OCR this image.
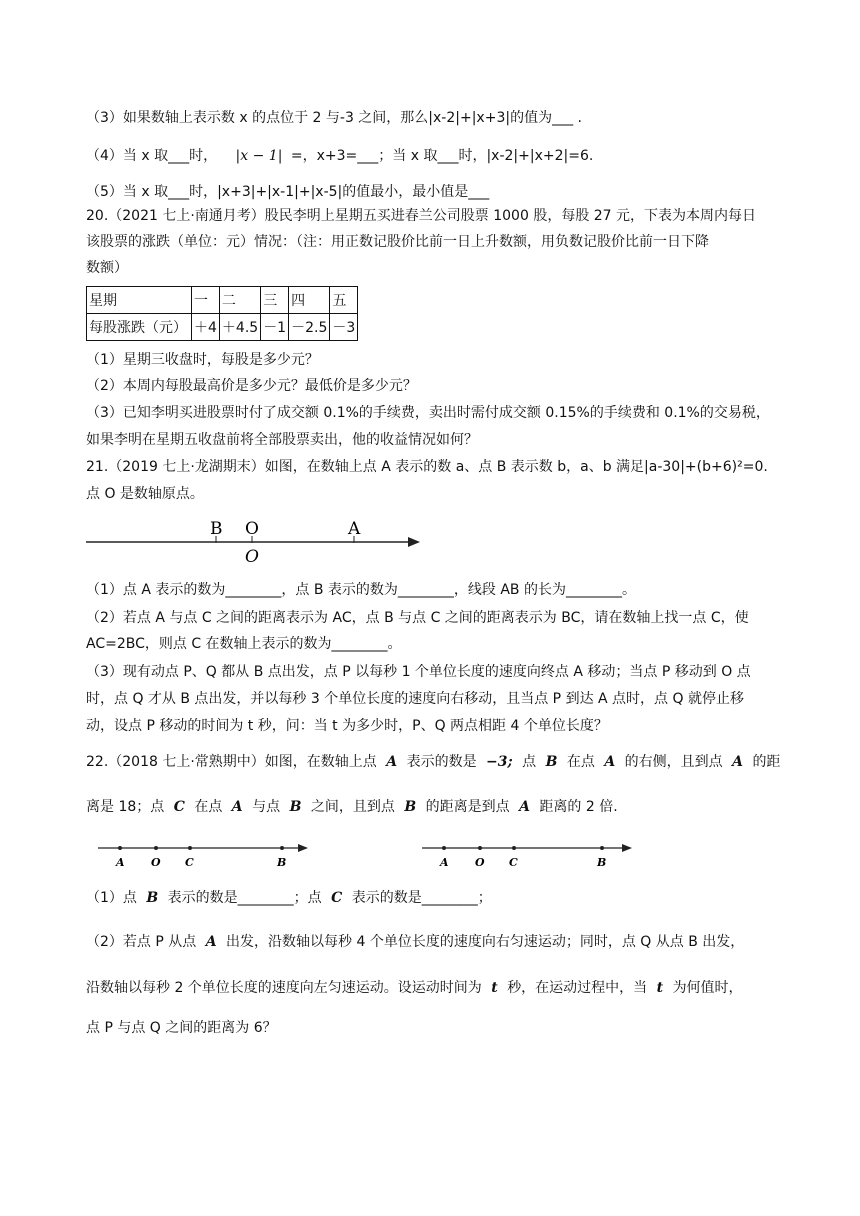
（3）如果数轴上表示数 x 的点位于 2 与-3 之间，那么|x-2|+|x+3|的值为___ .
（4）当 x 取___时， |x − 1| =，x+3=___；当 x 取___时，|x-2|+|x+2|=6.
（5）当 x 取___时，|x+3|+|x-1|+|x-5|的值最小，最小值是___
20.（2021 七上·南通月考）股民李明上星期五买进春兰公司股票 1000 股，每股 27 元，下表为本周内每日
该股票的涨跌（单位：元）情况：（注：用正数记股价比前一日上升数额，用负数记股价比前一日下降
数额）
星期	一	二	三	四	五
每股涨跌（元）	＋4	＋4.5	－1	－2.5	－3
（1）星期三收盘时，每股是多少元？
（2）本周内每股最高价是多少元？最低价是多少元？
（3）已知李明买进股票时付了成交额 0.1%的手续费，卖出时需付成交额 0.15%的手续费和 0.1%的交易税，
如果李明在星期五收盘前将全部股票卖出，他的收益情况如何？
21.（2019 七上·龙湖期末）如图，在数轴上点 A 表示的数 a、点 B 表示数 b，a、b 满足|a-30|+(b+6)²=0.
点 O 是数轴原点。
B O	A
O
（1）点 A 表示的数为________，点 B 表示的数为________，线段 AB 的长为________。
（2）若点 A 与点 C 之间的距离表示为 AC，点 B 与点 C 之间的距离表示为 BC，请在数轴上找一点 C，使
AC=2BC，则点 C 在数轴上表示的数为________。
（3）现有动点 P、Q 都从 B 点出发，点 P 以每秒 1 个单位长度的速度向终点 A 移动；当点 P 移动到 O 点
时，点 Q 才从 B 点出发，并以每秒 3 个单位长度的速度向右移动，且当点 P 到达 A 点时，点 Q 就停止移
动，设点 P 移动的时间为 t 秒，问：当 t 为多少时，P、Q 两点相距 4 个单位长度？
22.（2018 七上·常熟期中）如图，在数轴上点 A 表示的数是 −3; 点 B 在点 A 的右侧，且到点 A 的距
离是 18；点 C 在点 A 与点 B 之间，且到点 B 的距离是到点 A 距离的 2 倍.
A O C	B	A O C	B
（1）点 B 表示的数是________；点 C 表示的数是________；
（2）若点 P 从点 A 出发，沿数轴以每秒 4 个单位长度的速度向右匀速运动；同时，点 Q 从点 B 出发，
沿数轴以每秒 2 个单位长度的速度向左匀速运动。设运动时间为 t 秒，在运动过程中，当 t 为何值时，
点 P 与点 Q 之间的距离为 6？
